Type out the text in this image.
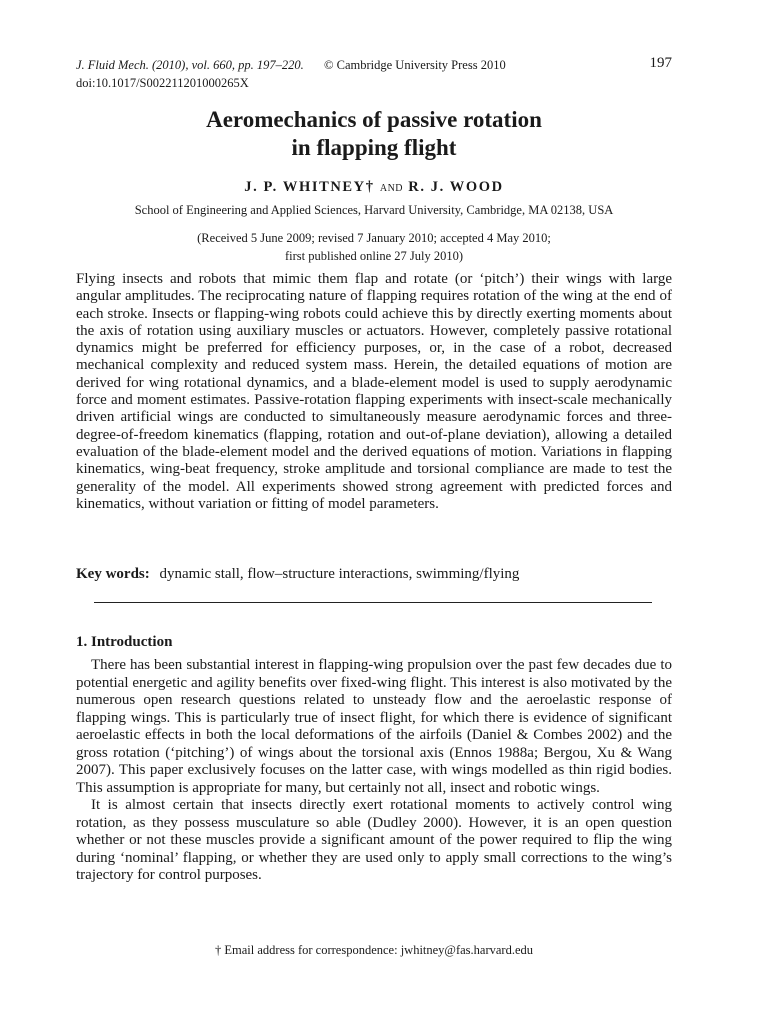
J. Fluid Mech. (2010), vol. 660, pp. 197–220.	© Cambridge University Press 2010
doi:10.1017/S002211201000265X
197
Aeromechanics of passive rotation
in flapping flight
J. P. WHITNEY† and R. J. WOOD
School of Engineering and Applied Sciences, Harvard University, Cambridge, MA 02138, USA
(Received 5 June 2009; revised 7 January 2010; accepted 4 May 2010;
first published online 27 July 2010)
Flying insects and robots that mimic them flap and rotate (or ‘pitch’) their wings with large angular amplitudes. The reciprocating nature of flapping requires rotation of the wing at the end of each stroke. Insects or flapping-wing robots could achieve this by directly exerting moments about the axis of rotation using auxiliary muscles or actuators. However, completely passive rotational dynamics might be preferred for efficiency purposes, or, in the case of a robot, decreased mechanical complexity and reduced system mass. Herein, the detailed equations of motion are derived for wing rotational dynamics, and a blade-element model is used to supply aerodynamic force and moment estimates. Passive-rotation flapping experiments with insect-scale mechanically driven artificial wings are conducted to simultaneously measure aerodynamic forces and three-degree-of-freedom kinematics (flapping, rotation and out-of-plane deviation), allowing a detailed evaluation of the blade-element model and the derived equations of motion. Variations in flapping kinematics, wing-beat frequency, stroke amplitude and torsional compliance are made to test the generality of the model. All experiments showed strong agreement with predicted forces and kinematics, without variation or fitting of model parameters.
Key words: dynamic stall, flow–structure interactions, swimming/flying
1. Introduction

There has been substantial interest in flapping-wing propulsion over the past few decades due to potential energetic and agility benefits over fixed-wing flight. This interest is also motivated by the numerous open research questions related to unsteady flow and the aeroelastic response of flapping wings. This is particularly true of insect flight, for which there is evidence of significant aeroelastic effects in both the local deformations of the airfoils (Daniel & Combes 2002) and the gross rotation (‘pitching’) of wings about the torsional axis (Ennos 1988a; Bergou, Xu & Wang 2007). This paper exclusively focuses on the latter case, with wings modelled as thin rigid bodies. This assumption is appropriate for many, but certainly not all, insect and robotic wings.

It is almost certain that insects directly exert rotational moments to actively control wing rotation, as they possess musculature so able (Dudley 2000). However, it is an open question whether or not these muscles provide a significant amount of the power required to flip the wing during ‘nominal’ flapping, or whether they are used only to apply small corrections to the wing’s trajectory for control purposes.

† Email address for correspondence: jwhitney@fas.harvard.edu
